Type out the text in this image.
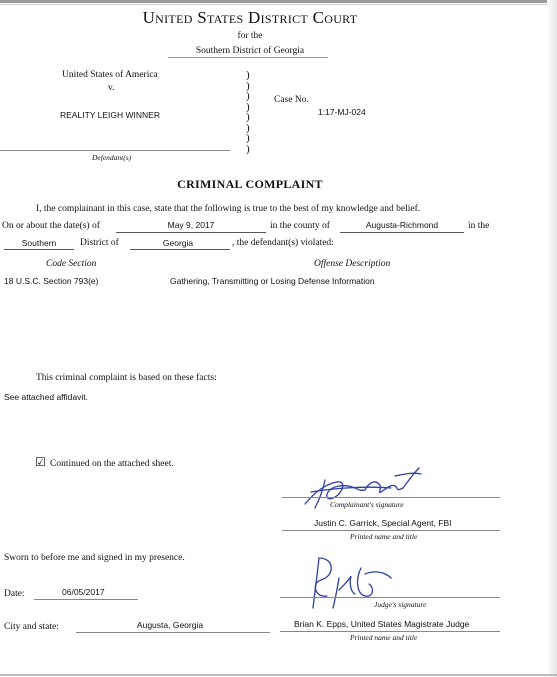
United States District Court
for the
Southern District of Georgia
United States of America
v.
REALITY LEIGH WINNER
Defendant(s)
)
)
)
)
)
)
)
)
Case No.
1:17-MJ-024
CRIMINAL COMPLAINT
I, the complainant in this case, state that the following is true to the best of my knowledge and belief.
On or about the date(s) of	May 9, 2017	in the county of	Augusta-Richmond	in the
Southern	District of	Georgia	, the defendant(s) violated:
Code Section	Offense Description
18 U.S.C. Section 793(e)	Gathering, Transmitting or Losing Defense Information
This criminal complaint is based on these facts:
See attached affidavit.
☑ Continued on the attached sheet.
Complainant's signature
Justin C. Garrick, Special Agent, FBI
Printed name and title
Sworn to before me and signed in my presence.
Date:	06/05/2017
Judge's signature
City and state:	Augusta, Georgia	Brian K. Epps, United States Magistrate Judge
Printed name and title
